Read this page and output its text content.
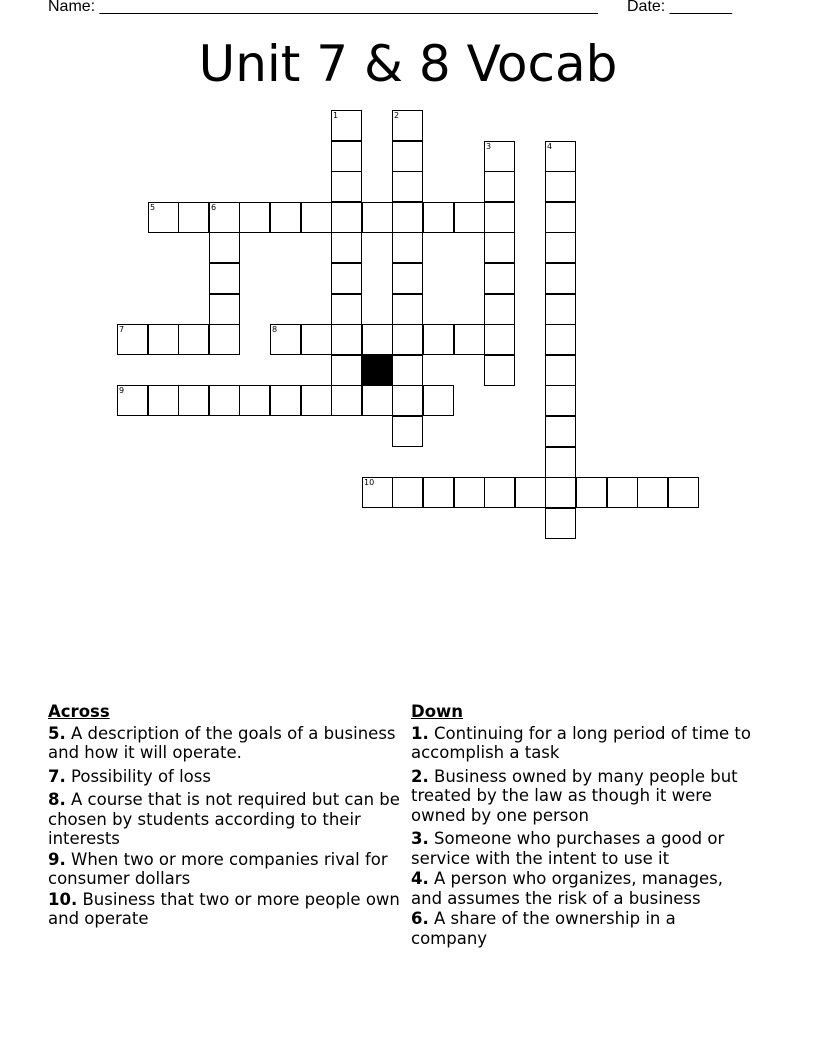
Name: ________________________________________________________ Date: _______
Unit 7 & 8 Vocab
1	2
3	4
5	6
7	8
9
10
Across
5. A description of the goals of a business and how it will operate.
7. Possibility of loss
8. A course that is not required but can be chosen by students according to their interests
9. When two or more companies rival for consumer dollars
10. Business that two or more people own and operate
Down
1. Continuing for a long period of time to accomplish a task
2. Business owned by many people but treated by the law as though it were owned by one person
3. Someone who purchases a good or service with the intent to use it
4. A person who organizes, manages, and assumes the risk of a business
6. A share of the ownership in a company
